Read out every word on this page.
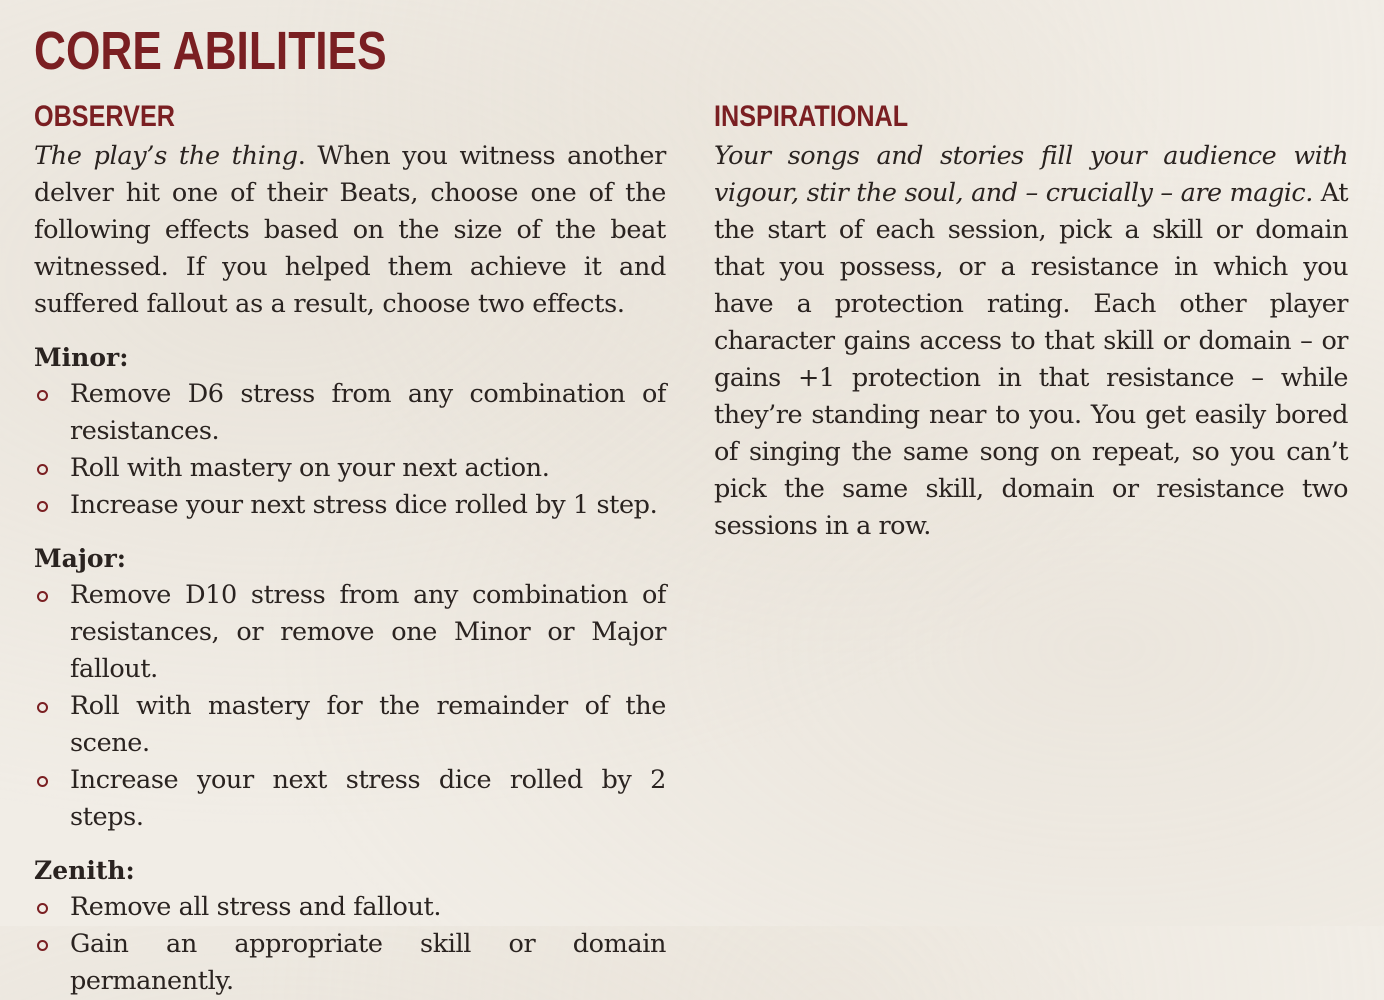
CORE ABILITIES
OBSERVER

The play’s the thing. When you witness another delver hit one of their Beats, choose one of the following effects based on the size of the beat witnessed. If you helped them achieve it and suffered fallout as a result, choose two effects.

Minor:
Remove D6 stress from any combination of resistances.
Roll with mastery on your next action.
Increase your next stress dice rolled by 1 step.
Major:
Remove D10 stress from any combination of resistances, or remove one Minor or Major fallout.
Roll with mastery for the remainder of the scene.
Increase your next stress dice rolled by 2 steps.
Zenith:
Remove all stress and fallout.
Gain an appropriate skill or domain permanently.
INSPIRATIONAL

Your songs and stories fill your audience with vigour, stir the soul, and – crucially – are magic. At the start of each session, pick a skill or domain that you possess, or a resistance in which you have a protection rating. Each other player character gains access to that skill or domain – or gains +1 protection in that resistance – while they’re standing near to you. You get easily bored of singing the same song on repeat, so you can’t pick the same skill, domain or resistance two sessions in a row.
